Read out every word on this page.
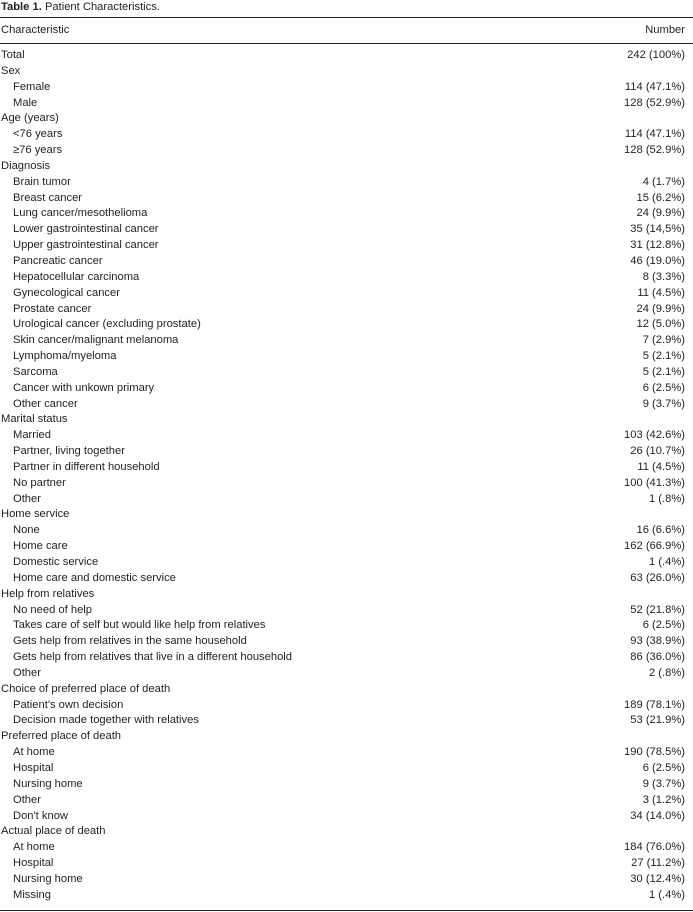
Table 1. Patient Characteristics.
Characteristic	Number
Total	242 (100%)
Sex
Female	114 (47.1%)
Male	128 (52.9%)
Age (years)
<76 years	114 (47.1%)
≥76 years	128 (52.9%)
Diagnosis
Brain tumor	4 (1.7%)
Breast cancer	15 (6.2%)
Lung cancer/mesothelioma	24 (9.9%)
Lower gastrointestinal cancer	35 (14,5%)
Upper gastrointestinal cancer	31 (12.8%)
Pancreatic cancer	46 (19.0%)
Hepatocellular carcinoma	8 (3.3%)
Gynecological cancer	11 (4.5%)
Prostate cancer	24 (9.9%)
Urological cancer (excluding prostate)	12 (5.0%)
Skin cancer/malignant melanoma	7 (2.9%)
Lymphoma/myeloma	5 (2.1%)
Sarcoma	5 (2.1%)
Cancer with unkown primary	6 (2.5%)
Other cancer	9 (3.7%)
Marital status
Married	103 (42.6%)
Partner, living together	26 (10.7%)
Partner in different household	11 (4.5%)
No partner	100 (41.3%)
Other	1 (.8%)
Home service
None	16 (6.6%)
Home care	162 (66.9%)
Domestic service	1 (.4%)
Home care and domestic service	63 (26.0%)
Help from relatives
No need of help	52 (21.8%)
Takes care of self but would like help from relatives	6 (2.5%)
Gets help from relatives in the same household	93 (38.9%)
Gets help from relatives that live in a different household	86 (36.0%)
Other	2 (.8%)
Choice of preferred place of death
Patient's own decision	189 (78.1%)
Decision made together with relatives	53 (21.9%)
Preferred place of death
At home	190 (78.5%)
Hospital	6 (2.5%)
Nursing home	9 (3.7%)
Other	3 (1.2%)
Don't know	34 (14.0%)
Actual place of death
At home	184 (76.0%)
Hospital	27 (11.2%)
Nursing home	30 (12.4%)
Missing	1 (.4%)
